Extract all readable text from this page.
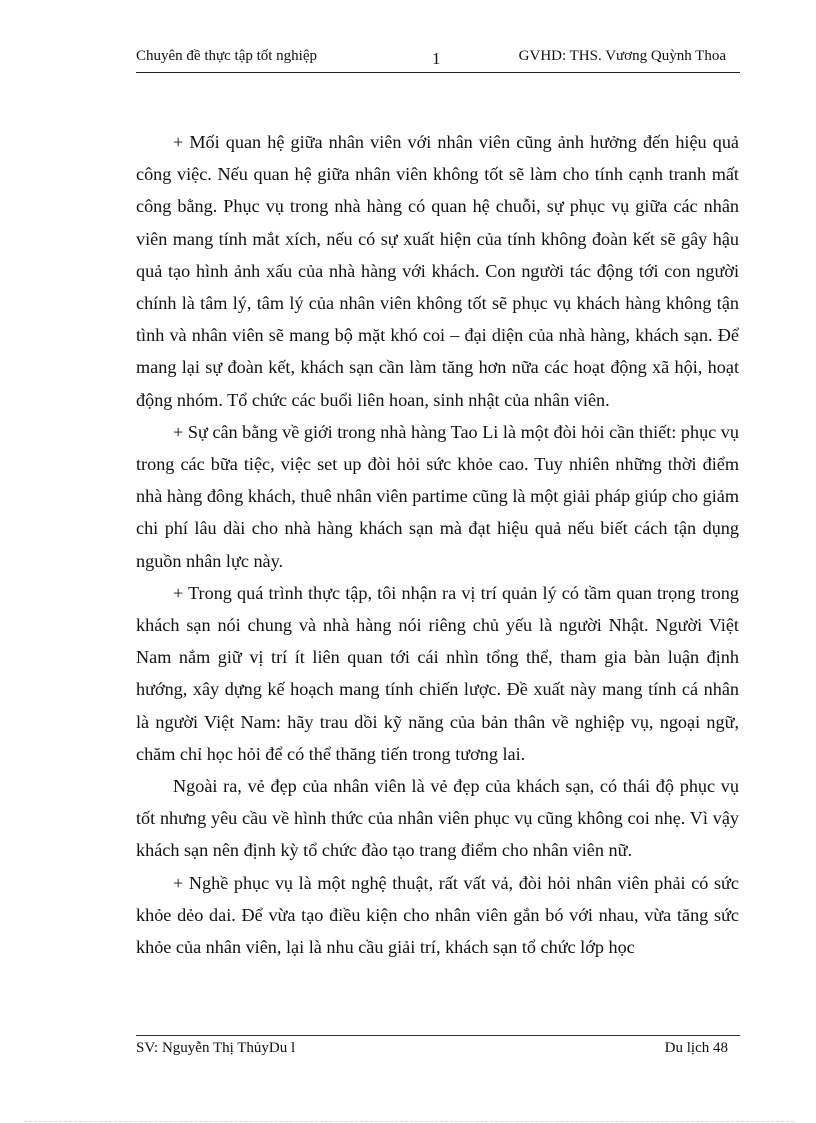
Chuyên đề thực tập tốt nghiệp	1	GVHD: THS. Vương Quỳnh Thoa

+ Mối quan hệ giữa nhân viên với nhân viên cũng ảnh hưởng đến hiệu quả công việc. Nếu quan hệ giữa nhân viên không tốt sẽ làm cho tính cạnh tranh mất công bằng. Phục vụ trong nhà hàng có quan hệ chuỗi, sự phục vụ giữa các nhân viên mang tính mắt xích, nếu có sự xuất hiện của tính không đoàn kết sẽ gây hậu quả tạo hình ảnh xấu của nhà hàng với khách. Con người tác động tới con người chính là tâm lý, tâm lý của nhân viên không tốt sẽ phục vụ khách hàng không tận tình và nhân viên sẽ mang bộ mặt khó coi – đại diện của nhà hàng, khách sạn. Để mang lại sự đoàn kết, khách sạn cần làm tăng hơn nữa các hoạt động xã hội, hoạt động nhóm. Tổ chức các buổi liên hoan, sinh nhật của nhân viên.

+ Sự cân bằng về giới trong nhà hàng Tao Li là một đòi hỏi cần thiết: phục vụ trong các bữa tiệc, việc set up đòi hỏi sức khỏe cao. Tuy nhiên những thời điểm nhà hàng đông khách, thuê nhân viên partime cũng là một giải pháp giúp cho giảm chi phí lâu dài cho nhà hàng khách sạn mà đạt hiệu quả nếu biết cách tận dụng nguồn nhân lực này.

+ Trong quá trình thực tập, tôi nhận ra vị trí quản lý có tầm quan trọng trong khách sạn nói chung và nhà hàng nói riêng chủ yếu là người Nhật. Người Việt Nam nắm giữ vị trí ít liên quan tới cái nhìn tổng thể, tham gia bàn luận định hướng, xây dựng kế hoạch mang tính chiến lược. Đề xuất này mang tính cá nhân là người Việt Nam: hãy trau dồi kỹ năng của bản thân về nghiệp vụ, ngoại ngữ, chăm chỉ học hỏi để có thể thăng tiến trong tương lai.

Ngoài ra, vẻ đẹp của nhân viên là vẻ đẹp của khách sạn, có thái độ phục vụ tốt nhưng yêu cầu về hình thức của nhân viên phục vụ cũng không coi nhẹ. Vì vậy khách sạn nên định kỳ tổ chức đào tạo trang điểm cho nhân viên nữ.

+ Nghề phục vụ là một nghệ thuật, rất vất vả, đòi hỏi nhân viên phải có sức khỏe dẻo dai. Để vừa tạo điều kiện cho nhân viên gắn bó với nhau, vừa tăng sức khỏe của nhân viên, lại là nhu cầu giải trí, khách sạn tổ chức lớp học

SV: Nguyễn Thị ThủyDu l	Du lịch 48
